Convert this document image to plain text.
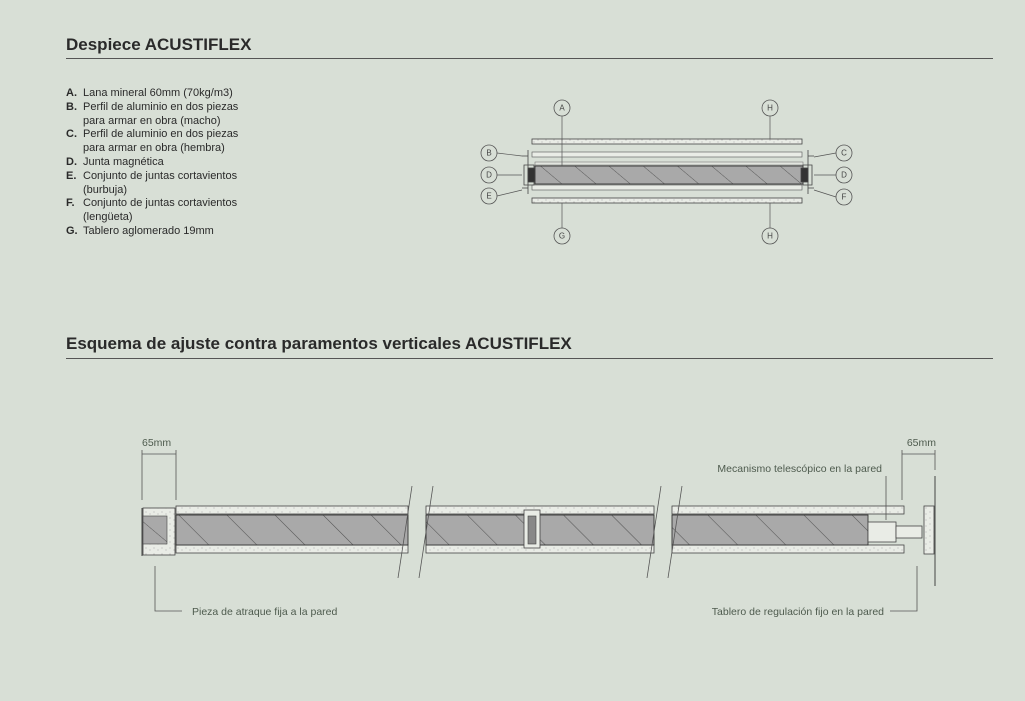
Despiece ACUSTIFLEX
A. Lana mineral 60mm (70kg/m3)
B. Perfil de aluminio en dos piezas
para armar en obra (macho)
C. Perfil de aluminio en dos piezas
para armar en obra (hembra)
D. Junta magnética
E. Conjunto de juntas cortavientos
(burbuja)
F. Conjunto de juntas cortavientos
(lengüeta)
G. Tablero aglomerado 19mm
A	H
B
D
E
C
D
F
G	H
65mm	65mm
Mecanismo telescópico en la pared
Pieza de atraque fija a la pared	Tablero de regulación fijo en la pared
Esquema de ajuste contra paramentos verticales ACUSTIFLEX
